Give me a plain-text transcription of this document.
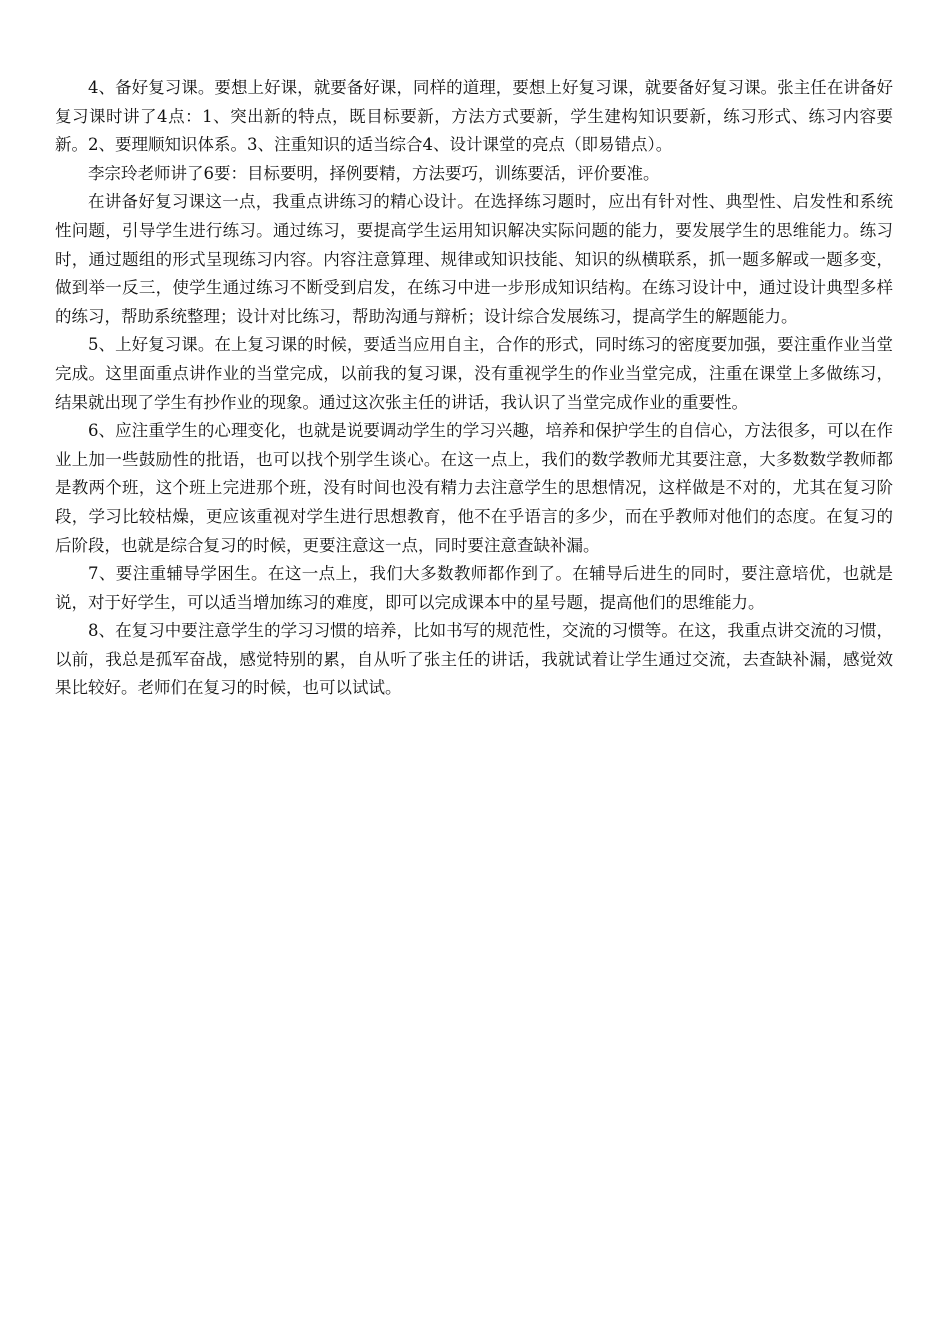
4、备好复习课。要想上好课，就要备好课，同样的道理，要想上好复习课，就要备好复习课。张主任在讲备好复习课时讲了4点：1、突出新的特点，既目标要新，方法方式要新，学生建构知识要新，练习形式、练习内容要新。2、要理顺知识体系。3、注重知识的适当综合4、设计课堂的亮点（即易错点）。

李宗玲老师讲了6要：目标要明，择例要精，方法要巧，训练要活，评价要准。

在讲备好复习课这一点，我重点讲练习的精心设计。在选择练习题时，应出有针对性、典型性、启发性和系统性问题，引导学生进行练习。通过练习，要提高学生运用知识解决实际问题的能力，要发展学生的思维能力。练习时，通过题组的形式呈现练习内容。内容注意算理、规律或知识技能、知识的纵横联系，抓一题多解或一题多变，做到举一反三，使学生通过练习不断受到启发，在练习中进一步形成知识结构。在练习设计中，通过设计典型多样的练习，帮助系统整理；设计对比练习，帮助沟通与辩析；设计综合发展练习，提高学生的解题能力。

5、上好复习课。在上复习课的时候，要适当应用自主，合作的形式，同时练习的密度要加强，要注重作业当堂完成。这里面重点讲作业的当堂完成，以前我的复习课，没有重视学生的作业当堂完成，注重在课堂上多做练习，结果就出现了学生有抄作业的现象。通过这次张主任的讲话，我认识了当堂完成作业的重要性。

6、应注重学生的心理变化，也就是说要调动学生的学习兴趣，培养和保护学生的自信心，方法很多，可以在作业上加一些鼓励性的批语，也可以找个别学生谈心。在这一点上，我们的数学教师尤其要注意，大多数数学教师都是教两个班，这个班上完进那个班，没有时间也没有精力去注意学生的思想情况，这样做是不对的，尤其在复习阶段，学习比较枯燥，更应该重视对学生进行思想教育，他不在乎语言的多少，而在乎教师对他们的态度。在复习的后阶段，也就是综合复习的时候，更要注意这一点，同时要注意查缺补漏。

7、要注重辅导学困生。在这一点上，我们大多数教师都作到了。在辅导后进生的同时，要注意培优，也就是说，对于好学生，可以适当增加练习的难度，即可以完成课本中的星号题，提高他们的思维能力。

8、在复习中要注意学生的学习习惯的培养，比如书写的规范性，交流的习惯等。在这，我重点讲交流的习惯，以前，我总是孤军奋战，感觉特别的累，自从听了张主任的讲话，我就试着让学生通过交流，去查缺补漏，感觉效果比较好。老师们在复习的时候，也可以试试。
